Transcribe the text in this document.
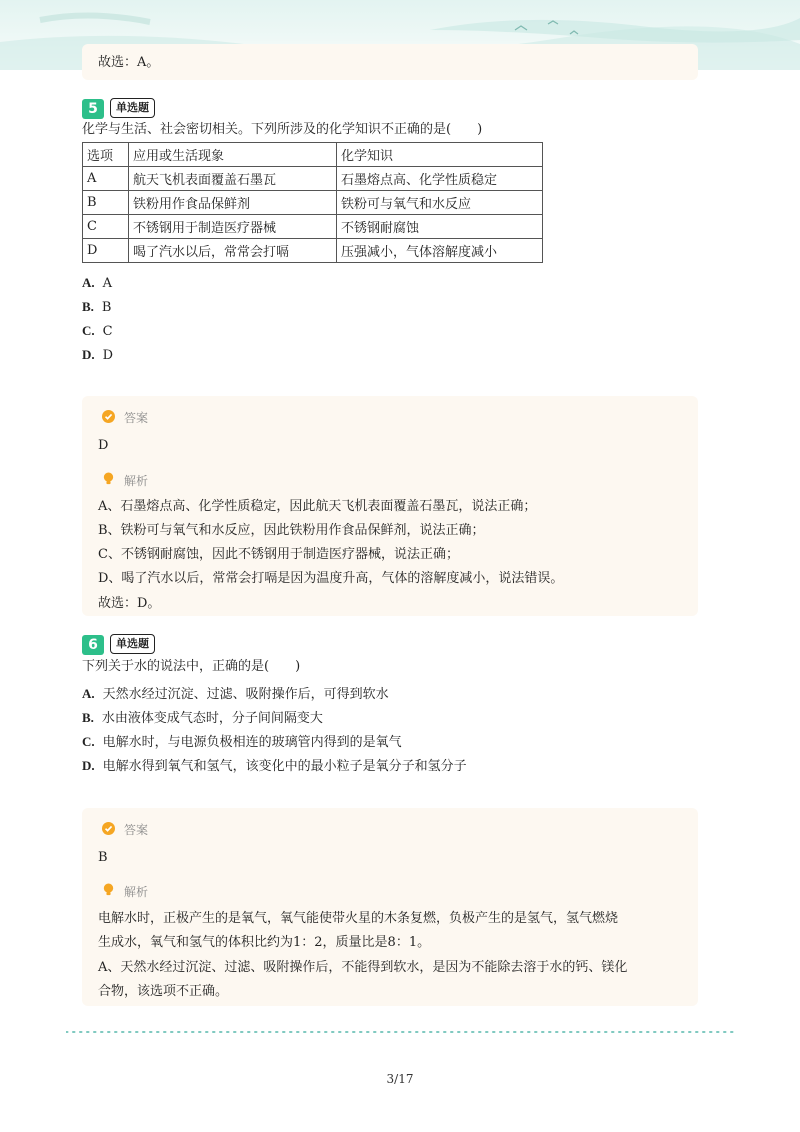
故选：A。
5	单选题
化学与生活、社会密切相关。下列所涉及的化学知识不正确的是(　　)
选项	应用或生活现象	化学知识
A	航天飞机表面覆盖石墨瓦	石墨熔点高、化学性质稳定
B	铁粉用作食品保鲜剂	铁粉可与氧气和水反应
C	不锈钢用于制造医疗器械	不锈钢耐腐蚀
D	喝了汽水以后，常常会打嗝	压强减小，气体溶解度减小
A. A
B. B
C. C
D. D
答案
D
解析
A、石墨熔点高、化学性质稳定，因此航天飞机表面覆盖石墨瓦，说法正确；
B、铁粉可与氧气和水反应，因此铁粉用作食品保鲜剂，说法正确；
C、不锈钢耐腐蚀，因此不锈钢用于制造医疗器械，说法正确；
D、喝了汽水以后，常常会打嗝是因为温度升高，气体的溶解度减小，说法错误。
故选：D。
6	单选题
下列关于水的说法中，正确的是(　　)
A. 天然水经过沉淀、过滤、吸附操作后，可得到软水
B. 水由液体变成气态时，分子间间隔变大
C. 电解水时，与电源负极相连的玻璃管内得到的是氧气
D. 电解水得到氧气和氢气，该变化中的最小粒子是氧分子和氢分子
答案
B
解析
电解水时，正极产生的是氧气，氧气能使带火星的木条复燃，负极产生的是氢气，氢气燃烧
生成水，氧气和氢气的体积比约为1：2，质量比是8：1。
A、天然水经过沉淀、过滤、吸附操作后，不能得到软水，是因为不能除去溶于水的钙、镁化
合物，该选项不正确。
3/17
